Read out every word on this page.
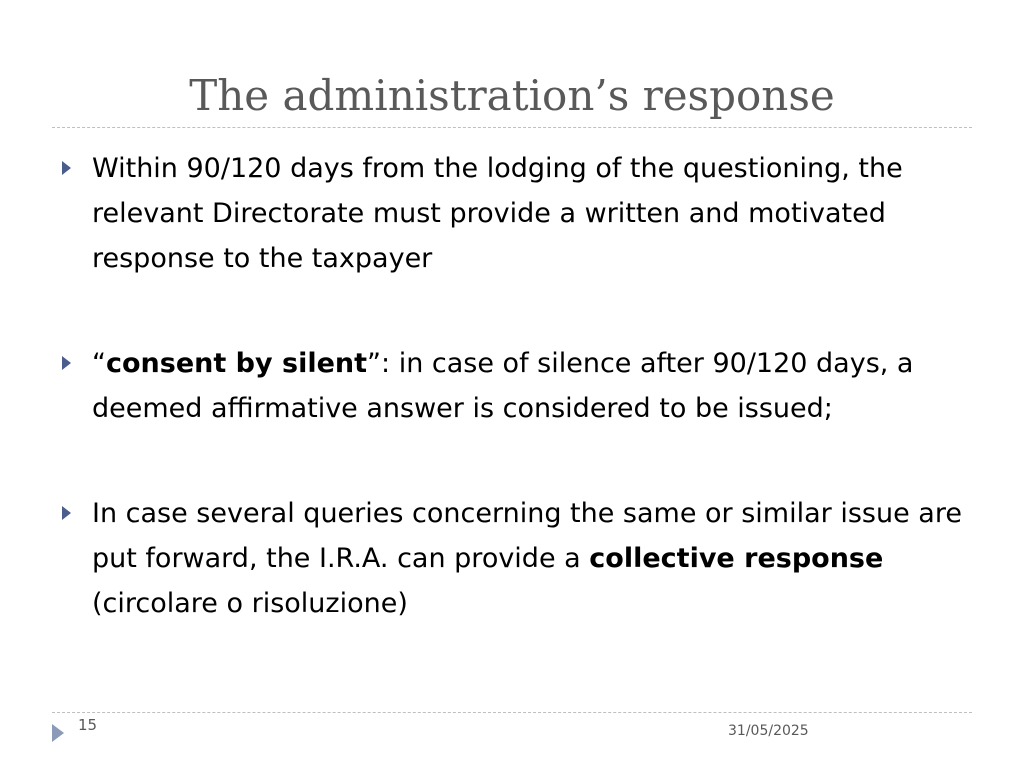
The administration’s response
Within 90/120 days from the lodging of the questioning, the relevant Directorate must provide a written and motivated response to the taxpayer
“consent by silent”: in case of silence after 90/120 days, a deemed affirmative answer is considered to be issued;
In case several queries concerning the same or similar issue are put forward, the I.R.A. can provide a collective response (circolare o risoluzione)
15	31/05/2025
